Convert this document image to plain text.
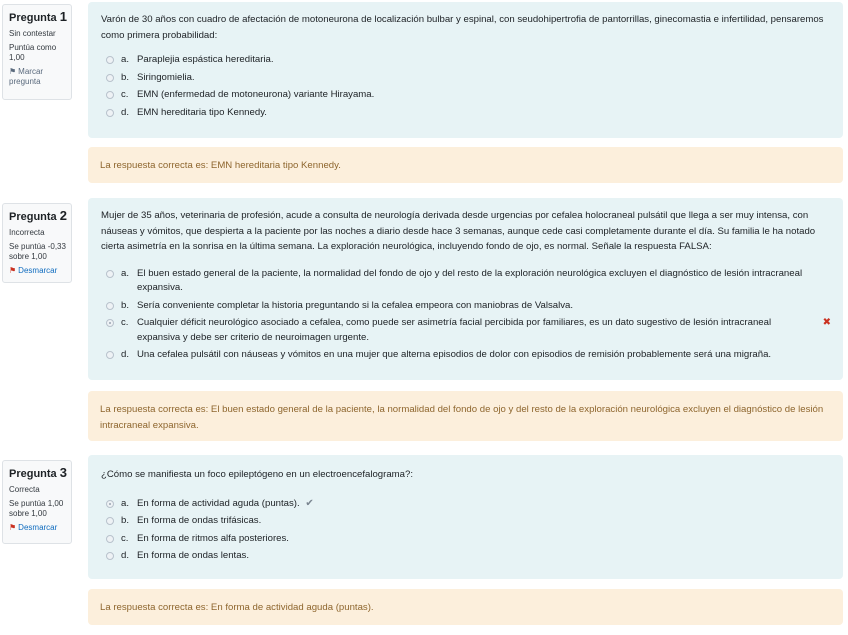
Pregunta 1
Sin contestar
Puntúa como 1,00
⚑ Marcar pregunta

Varón de 30 años con cuadro de afectación de motoneurona de localización bulbar y espinal, con seudohipertrofia de pantorrillas, ginecomastia e infertilidad, pensaremos como primera probabilidad:

a. Paraplejia espástica hereditaria.
b. Siringomielia.
c. EMN (enfermedad de motoneurona) variante Hirayama.
d. EMN hereditaria tipo Kennedy.
La respuesta correcta es: EMN hereditaria tipo Kennedy.
Pregunta 2
Incorrecta
Se puntúa -0,33 sobre 1,00
⚑ Desmarcar

Mujer de 35 años, veterinaria de profesión, acude a consulta de neurología derivada desde urgencias por cefalea holocraneal pulsátil que llega a ser muy intensa, con náuseas y vómitos, que despierta a la paciente por las noches a diario desde hace 3 semanas, aunque cede casi completamente durante el día. Su familia le ha notado cierta asimetría en la sonrisa en la última semana. La exploración neurológica, incluyendo fondo de ojo, es normal. Señale la respuesta FALSA:

a. El buen estado general de la paciente, la normalidad del fondo de ojo y del resto de la exploración neurológica excluyen el diagnóstico de lesión intracraneal expansiva.
b. Sería conveniente completar la historia preguntando si la cefalea empeora con maniobras de Valsalva.
c. Cualquier déficit neurológico asociado a cefalea, como puede ser asimetría facial percibida por familiares, es un dato sugestivo de lesión intracraneal expansiva y debe ser criterio de neuroimagen urgente.
✖
d. Una cefalea pulsátil con náuseas y vómitos en una mujer que alterna episodios de dolor con episodios de remisión probablemente será una migraña.
La respuesta correcta es: El buen estado general de la paciente, la normalidad del fondo de ojo y del resto de la exploración neurológica excluyen el diagnóstico de lesión intracraneal expansiva.
Pregunta 3
Correcta
Se puntúa 1,00 sobre 1,00
⚑ Desmarcar

¿Cómo se manifiesta un foco epileptógeno en un electroencefalograma?:

a. En forma de actividad aguda (puntas). ✔
b. En forma de ondas trifásicas.
c. En forma de ritmos alfa posteriores.
d. En forma de ondas lentas.
La respuesta correcta es: En forma de actividad aguda (puntas).
